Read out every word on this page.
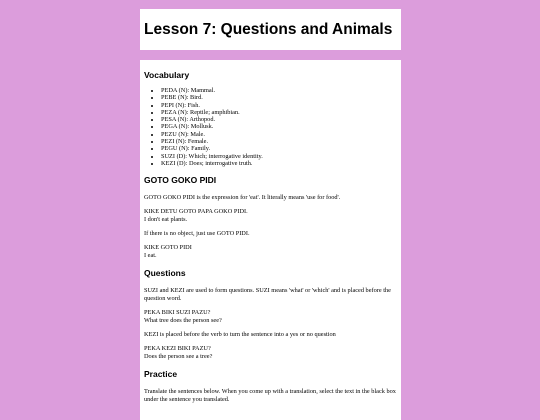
Lesson 7: Questions and Animals
Vocabulary
• PEDA (N): Mammal.
• PEBE (N): Bird.
• PEPI (N): Fish.
• PEZA (N): Reptile; amphibian.
• PESA (N): Arthopod.
• PEGA (N): Mollusk.
• PEZU (N): Male.
• PEZI (N): Female.
• PEGU (N): Family.
• SUZI (D): Which; interrogative identity.
• KEZI (D): Does; interrogative truth.
GOTO GOKO PIDI

GOTO GOKO PIDI is the expression for 'eat'. It literally means 'use for food'.

KIKE DETU GOTO PAPA GOKO PIDI.

I don't eat plants.

If there is no object, just use GOTO PIDI.

KIKE GOTO PIDI

I eat.

Questions

SUZI and KEZI are used to form questions. SUZI means 'what' or 'which' and is placed before the question word.

PEKA BIKI SUZI PAZU?

What tree does the person see?

KEZI is placed before the verb to turn the sentence into a yes or no question

PEKA KEZI BIKI PAZU?

Does the person see a tree?

Practice

Translate the sentences below. When you come up with a translation, select the text in the black box under the sentence you translated.
